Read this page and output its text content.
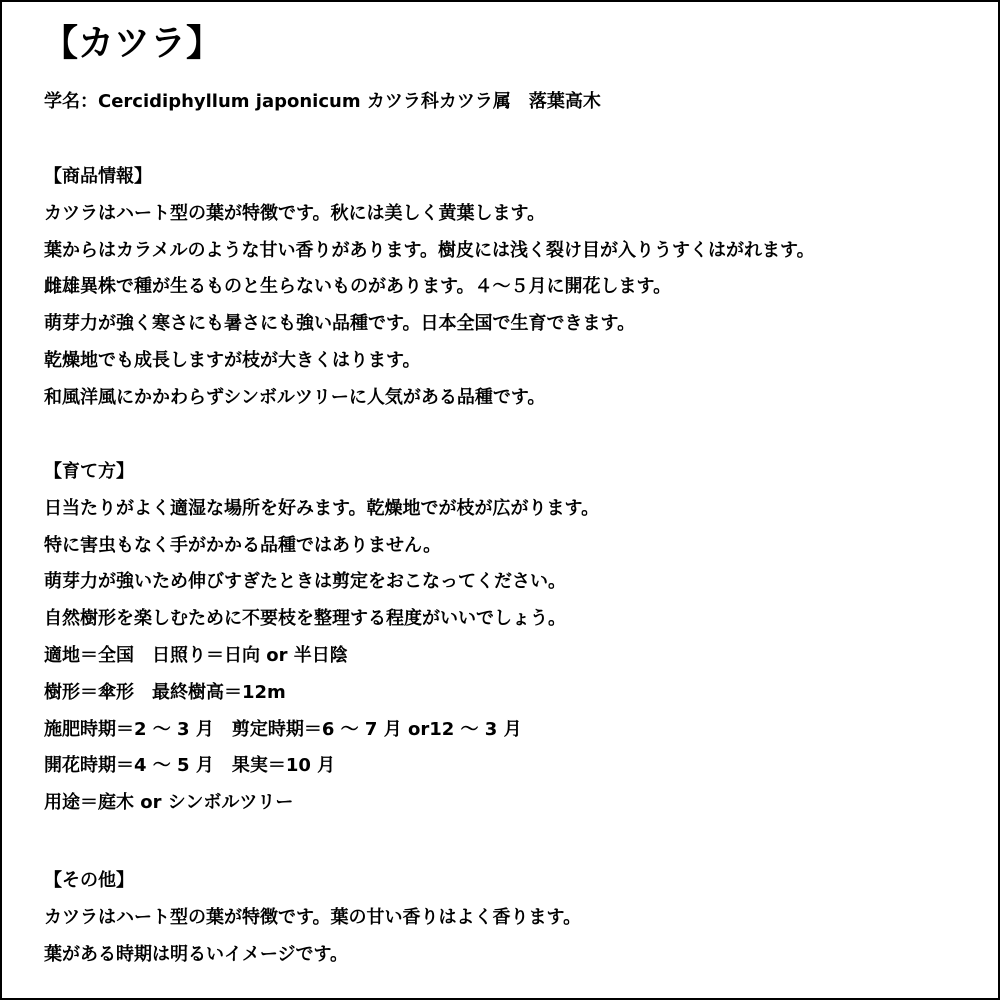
【カツラ】
学名：Cercidiphyllum japonicum カツラ科カツラ属　落葉高木
【商品情報】
カツラはハート型の葉が特徴です。秋には美しく黄葉します。
葉からはカラメルのような甘い香りがあります。樹皮には浅く裂け目が入りうすくはがれます。
雌雄異株で種が生るものと生らないものがあります。４～５月に開花します。
萌芽力が強く寒さにも暑さにも強い品種です。日本全国で生育できます。
乾燥地でも成長しますが枝が大きくはります。
和風洋風にかかわらずシンボルツリーに人気がある品種です。
【育て方】
日当たりがよく適湿な場所を好みます。乾燥地でが枝が広がります。
特に害虫もなく手がかかる品種ではありません。
萌芽力が強いため伸びすぎたときは剪定をおこなってください。
自然樹形を楽しむために不要枝を整理する程度がいいでしょう。
適地＝全国　日照り＝日向 or 半日陰
樹形＝傘形　最終樹高＝12m
施肥時期＝2 ～ 3 月　剪定時期＝6 ～ 7 月 or12 ～ 3 月
開花時期＝4 ～ 5 月　果実＝10 月
用途＝庭木 or シンボルツリー
【その他】
カツラはハート型の葉が特徴です。葉の甘い香りはよく香ります。
葉がある時期は明るいイメージです。
